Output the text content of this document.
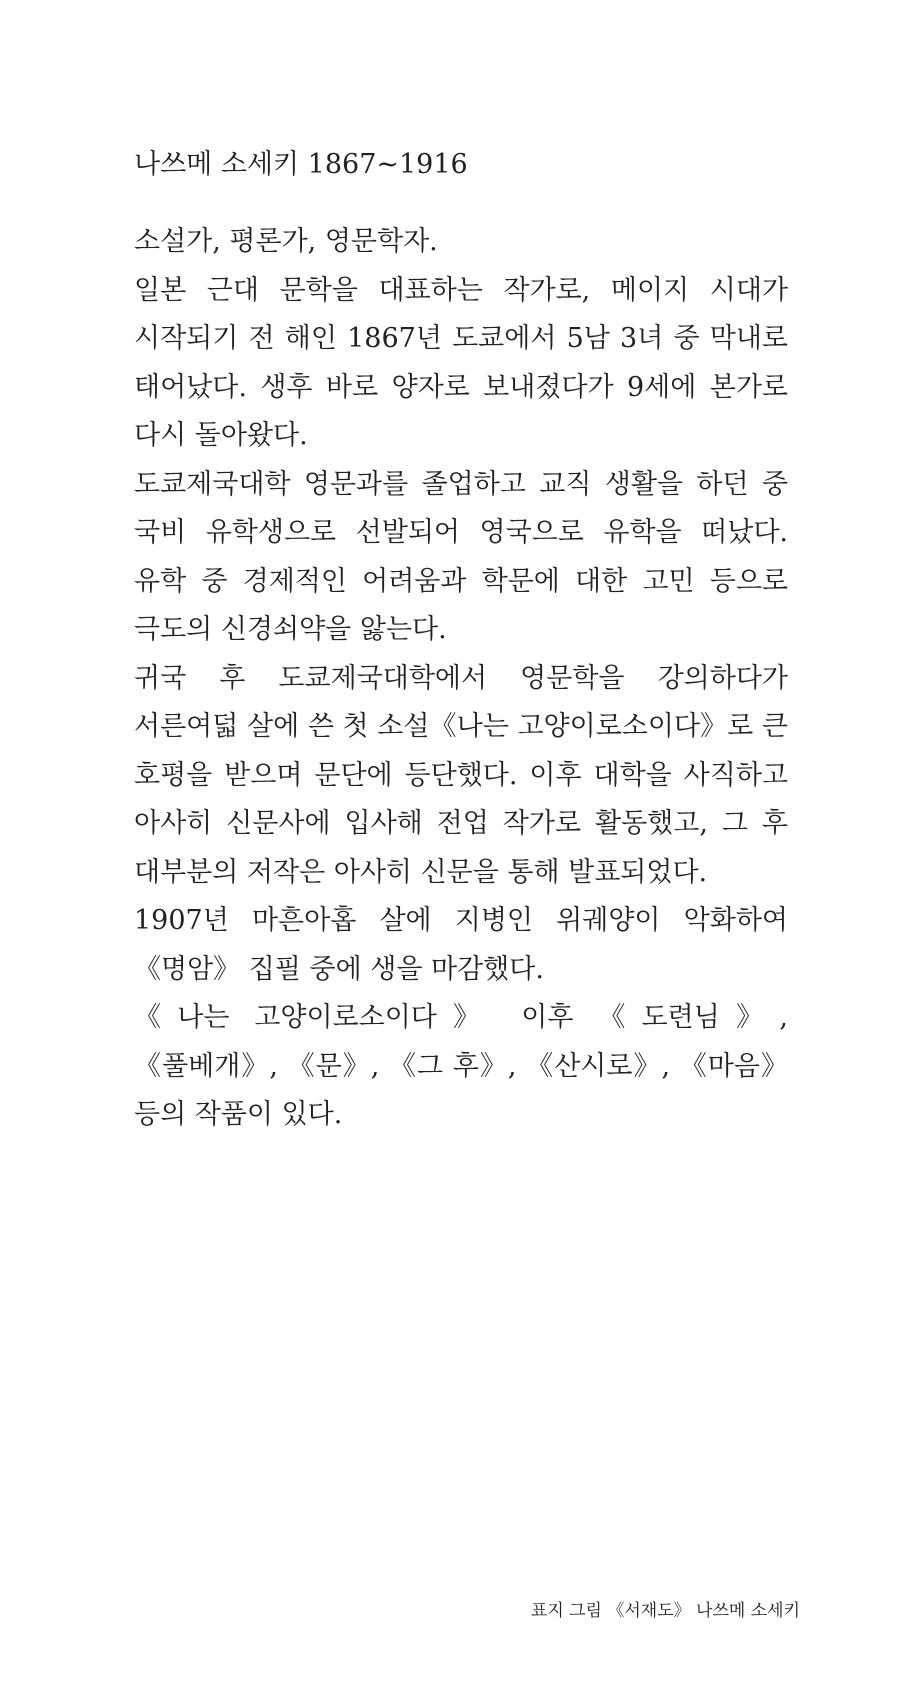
나쓰메 소세키 1867~1916

소설가, 평론가, 영문학자.

일본 근대 문학을 대표하는 작가로, 메이지 시대가 시작되기 전 해인 1867년 도쿄에서 5남 3녀 중 막내로 태어났다. 생후 바로 양자로 보내졌다가 9세에 본가로 다시 돌아왔다.

도쿄제국대학 영문과를 졸업하고 교직 생활을 하던 중 국비 유학생으로 선발되어 영국으로 유학을 떠났다. 유학 중 경제적인 어려움과 학문에 대한 고민 등으로 극도의 신경쇠약을 앓는다.

귀국 후 도쿄제국대학에서 영문학을 강의하다가 서른여덟 살에 쓴 첫 소설《나는 고양이로소이다》로 큰 호평을 받으며 문단에 등단했다. 이후 대학을 사직하고 아사히 신문사에 입사해 전업 작가로 활동했고, 그 후 대부분의 저작은 아사히 신문을 통해 발표되었다.

1907년 마흔아홉 살에 지병인 위궤양이 악화하여 《명암》 집필 중에 생을 마감했다.

《나는 고양이로소이다》 이후 《도련님》, 《풀베개》, 《문》, 《그 후》, 《산시로》, 《마음》 등의 작품이 있다.

표지 그림 《서재도》 나쓰메 소세키
